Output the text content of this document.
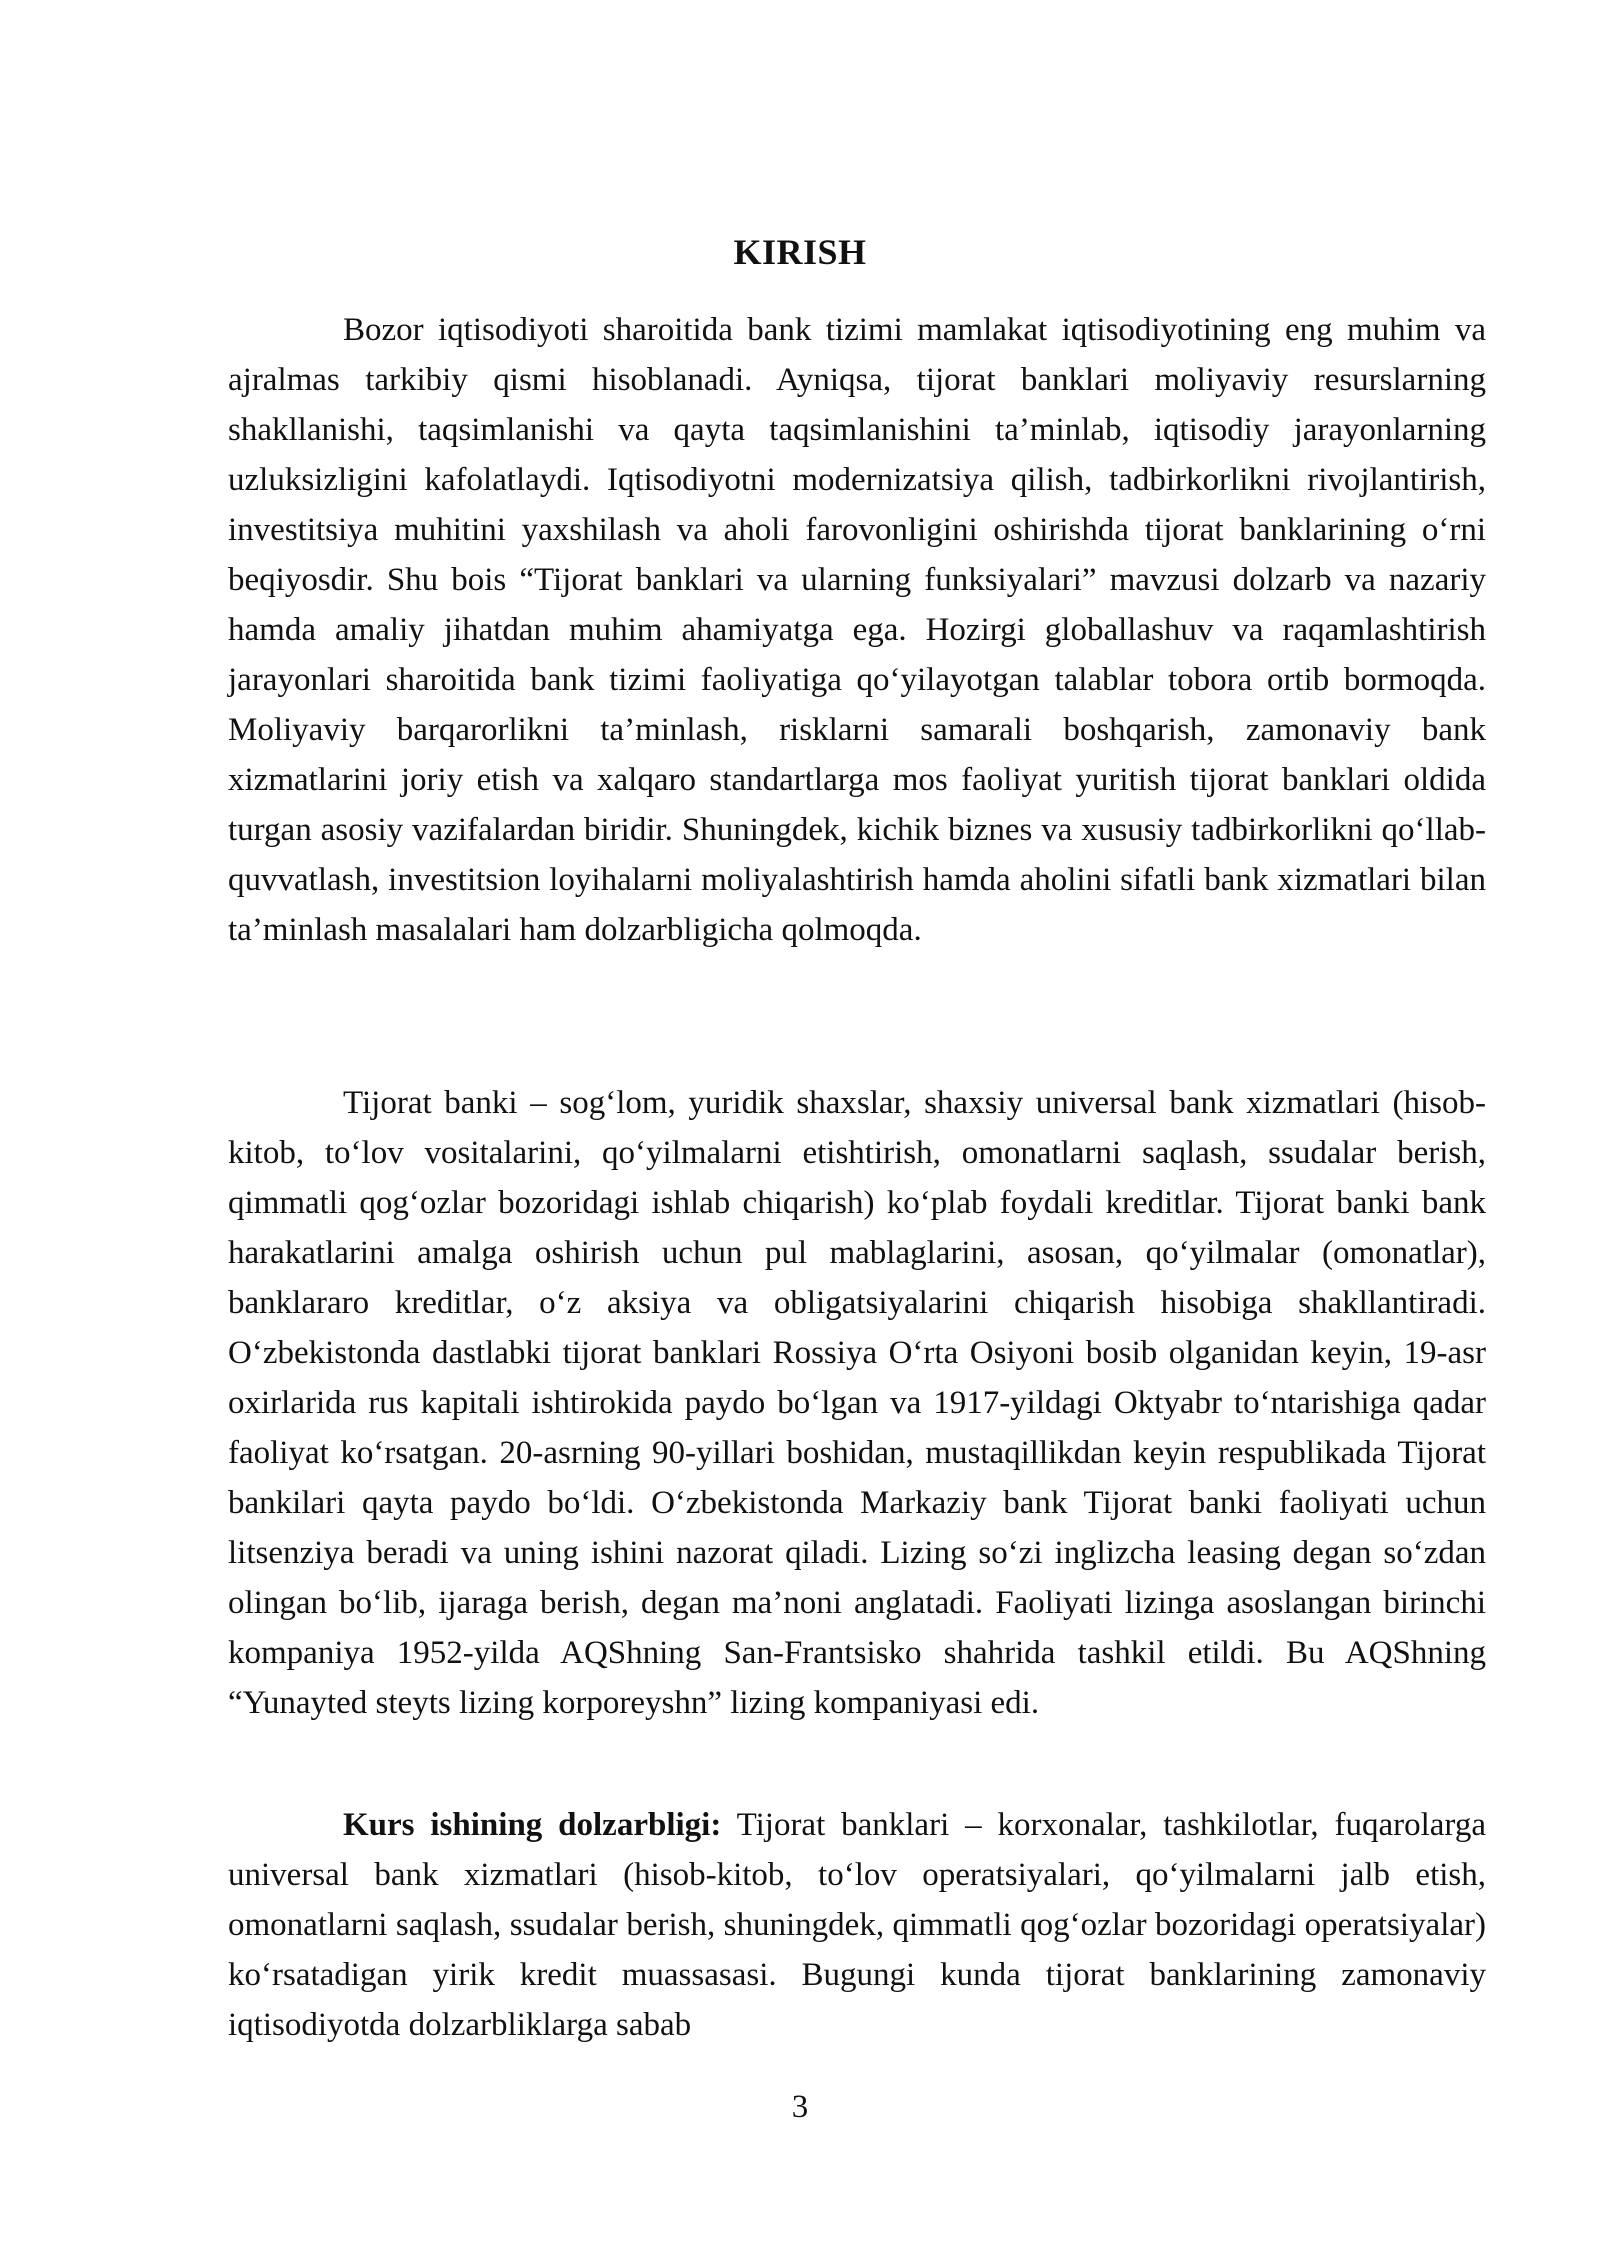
KIRISH

Bozor iqtisodiyoti sharoitida bank tizimi mamlakat iqtisodiyotining eng muhim va ajralmas tarkibiy qismi hisoblanadi. Ayniqsa, tijorat banklari moliyaviy resurslarning shakllanishi, taqsimlanishi va qayta taqsimlanishini ta’minlab, iqtisodiy jarayonlarning uzluksizligini kafolatlaydi. Iqtisodiyotni modernizatsiya qilish, tadbirkorlikni rivojlantirish, investitsiya muhitini yaxshilash va aholi farovonligini oshirishda tijorat banklarining o‘rni beqiyosdir. Shu bois “Tijorat banklari va ularning funksiyalari” mavzusi dolzarb va nazariy hamda amaliy jihatdan muhim ahamiyatga ega. Hozirgi globallashuv va raqamlashtirish jarayonlari sharoitida bank tizimi faoliyatiga qo‘yilayotgan talablar tobora ortib bormoqda. Moliyaviy barqarorlikni ta’minlash, risklarni samarali boshqarish, zamonaviy bank xizmatlarini joriy etish va xalqaro standartlarga mos faoliyat yuritish tijorat banklari oldida turgan asosiy vazifalardan biridir. Shuningdek, kichik biznes va xususiy tadbirkorlikni qo‘llab-quvvatlash, investitsion loyihalarni moliyalashtirish hamda aholini sifatli bank xizmatlari bilan ta’minlash masalalari ham dolzarbligicha qolmoqda.

Tijorat banki – sog‘lom, yuridik shaxslar, shaxsiy universal bank xizmatlari (hisob-kitob, to‘lov vositalarini, qo‘yilmalarni etishtirish, omonatlarni saqlash, ssudalar berish, qimmatli qog‘ozlar bozoridagi ishlab chiqarish) ko‘plab foydali kreditlar. Tijorat banki bank harakatlarini amalga oshirish uchun pul mablaglarini, asosan, qo‘yilmalar (omonatlar), banklararo kreditlar, o‘z aksiya va obligatsiyalarini chiqarish hisobiga shakllantiradi. O‘zbekistonda dastlabki tijorat banklari Rossiya O‘rta Osiyoni bosib olganidan keyin, 19-asr oxirlarida rus kapitali ishtirokida paydo bo‘lgan va 1917-yildagi Oktyabr to‘ntarishiga qadar faoliyat ko‘rsatgan. 20-asrning 90-yillari boshidan, mustaqillikdan keyin respublikada Tijorat bankilari qayta paydo bo‘ldi. O‘zbekistonda Markaziy bank Tijorat banki faoliyati uchun litsenziya beradi va uning ishini nazorat qiladi. Lizing so‘zi inglizcha leasing degan so‘zdan olingan bo‘lib, ijaraga berish, degan ma’noni anglatadi. Faoliyati lizinga asoslangan birinchi kompaniya 1952-yilda AQShning San-Frantsisko shahrida tashkil etildi. Bu AQShning “Yunayted steyts lizing korporeyshn” lizing kompaniyasi edi.

Kurs ishining dolzarbligi: Tijorat banklari – korxonalar, tashkilotlar, fuqarolarga universal bank xizmatlari (hisob-kitob, to‘lov operatsiyalari, qo‘yilmalarni jalb etish, omonatlarni saqlash, ssudalar berish, shuningdek, qimmatli qog‘ozlar bozoridagi operatsiyalar) ko‘rsatadigan yirik kredit muassasasi. Bugungi kunda tijorat banklarining zamonaviy iqtisodiyotda dolzarbliklarga sabab

3
